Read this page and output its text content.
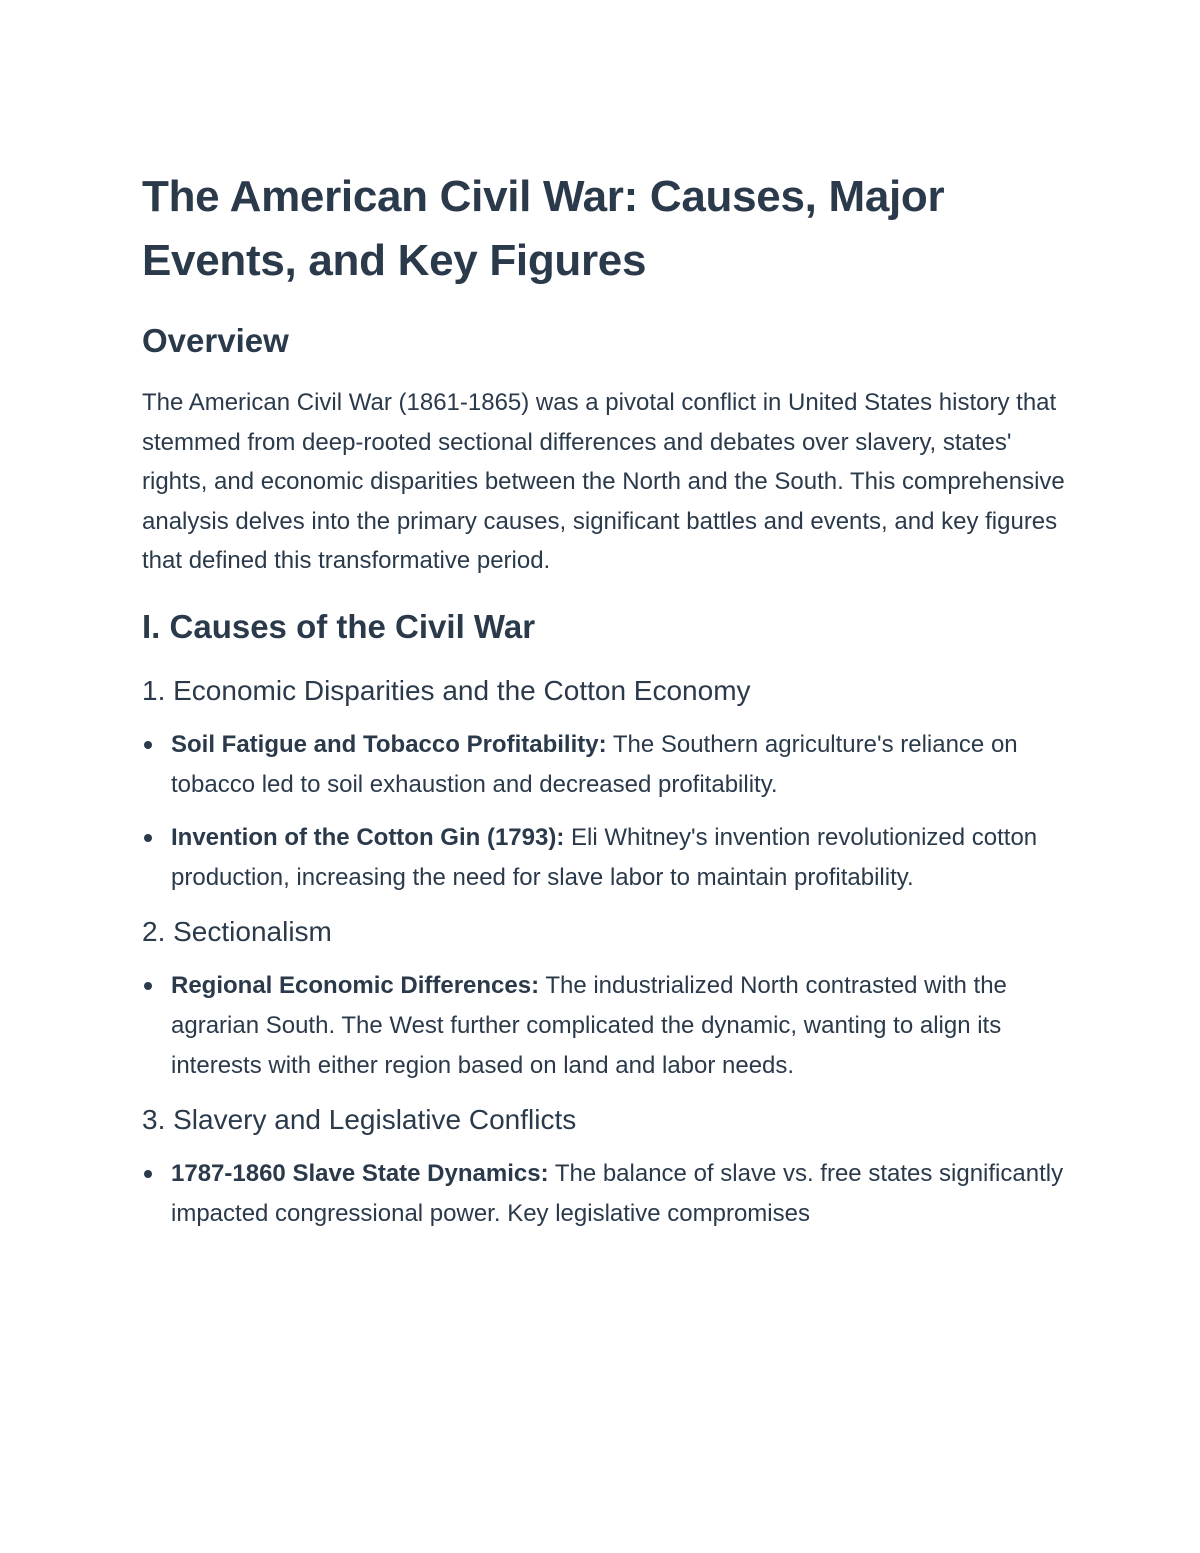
The American Civil War: Causes, Major Events, and Key Figures
Overview

The American Civil War (1861-1865) was a pivotal conflict in United States history that stemmed from deep-rooted sectional differences and debates over slavery, states' rights, and economic disparities between the North and the South. This comprehensive analysis delves into the primary causes, significant battles and events, and key figures that defined this transformative period.

I. Causes of the Civil War
1. Economic Disparities and the Cotton Economy
Soil Fatigue and Tobacco Profitability: The Southern agriculture's reliance on tobacco led to soil exhaustion and decreased profitability.
Invention of the Cotton Gin (1793): Eli Whitney's invention revolutionized cotton production, increasing the need for slave labor to maintain profitability.
2. Sectionalism
Regional Economic Differences: The industrialized North contrasted with the agrarian South. The West further complicated the dynamic, wanting to align its interests with either region based on land and labor needs.
3. Slavery and Legislative Conflicts
1787-1860 Slave State Dynamics: The balance of slave vs. free states significantly impacted congressional power. Key legislative compromises
